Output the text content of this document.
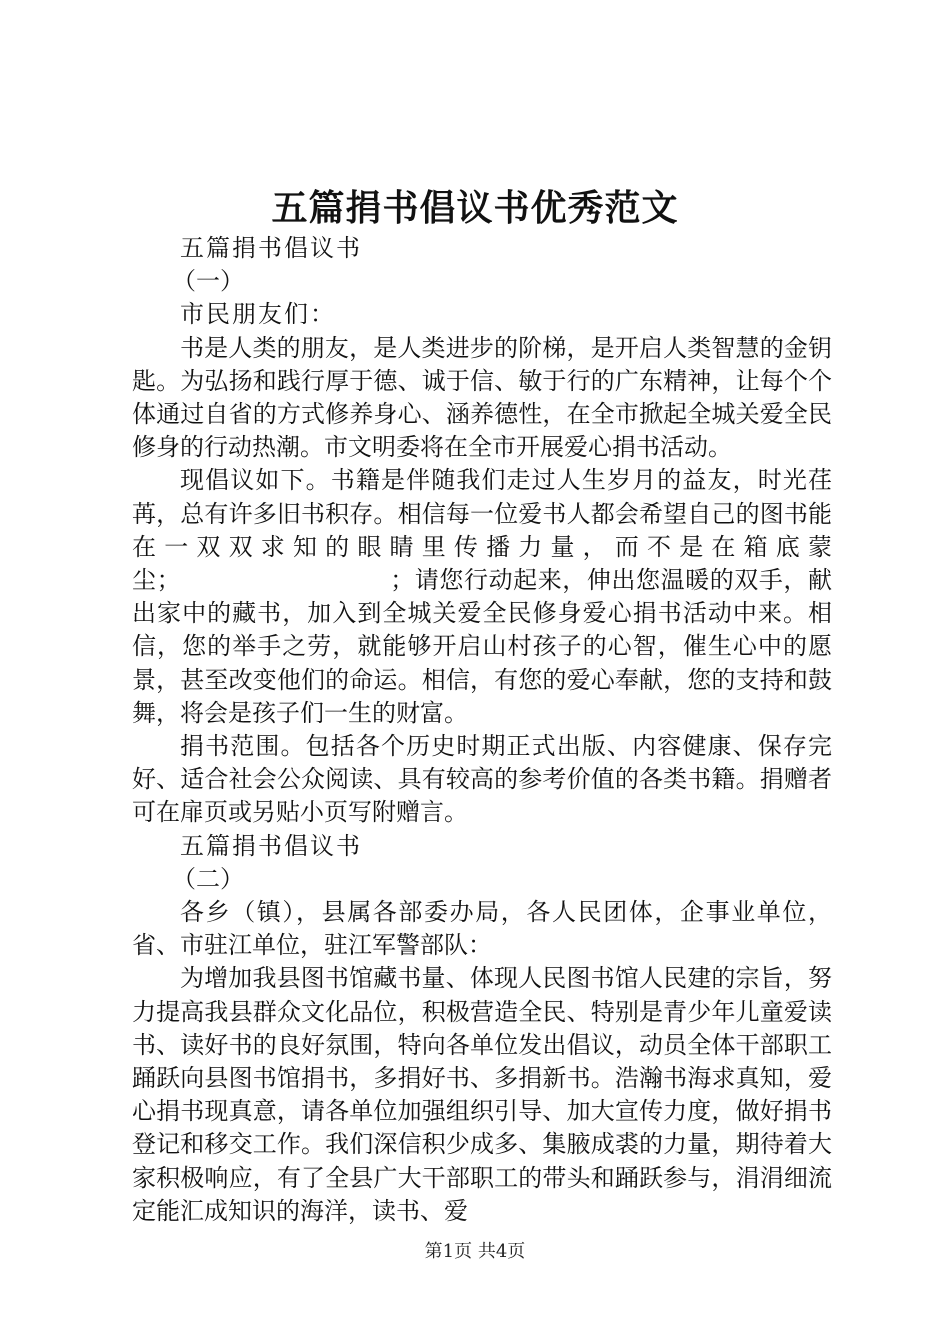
五篇捐书倡议书优秀范文

五篇捐书倡议书

（一）

市民朋友们：

书是人类的朋友，是人类进步的阶梯，是开启人类智慧的金钥匙。为弘扬和践行厚于德、诚于信、敏于行的广东精神，让每个个体通过自省的方式修养身心、涵养德性，在全市掀起全城关爱全民修身的行动热潮。市文明委将在全市开展爱心捐书活动。

现倡议如下。书籍是伴随我们走过人生岁月的益友，时光荏苒，总有许多旧书积存。相信每一位爱书人都会希望自己的图书能在一双双求知的眼睛里传播力量，而不是在箱底蒙尘；　　　　　　　　　；请您行动起来，伸出您温暖的双手，献出家中的藏书，加入到全城关爱全民修身爱心捐书活动中来。相信，您的举手之劳，就能够开启山村孩子的心智，催生心中的愿景，甚至改变他们的命运。相信，有您的爱心奉献，您的支持和鼓舞，将会是孩子们一生的财富。

捐书范围。包括各个历史时期正式出版、内容健康、保存完好、适合社会公众阅读、具有较高的参考价值的各类书籍。捐赠者可在扉页或另贴小页写附赠言。

五篇捐书倡议书

（二）

各乡（镇），县属各部委办局，各人民团体，企事业单位，省、市驻江单位，驻江军警部队：

为增加我县图书馆藏书量、体现人民图书馆人民建的宗旨，努力提高我县群众文化品位，积极营造全民、特别是青少年儿童爱读书、读好书的良好氛围，特向各单位发出倡议，动员全体干部职工踊跃向县图书馆捐书，多捐好书、多捐新书。浩瀚书海求真知，爱心捐书现真意，请各单位加强组织引导、加大宣传力度，做好捐书登记和移交工作。我们深信积少成多、集腋成裘的力量，期待着大家积极响应，有了全县广大干部职工的带头和踊跃参与，涓涓细流定能汇成知识的海洋，读书、爱

第1页 共4页
